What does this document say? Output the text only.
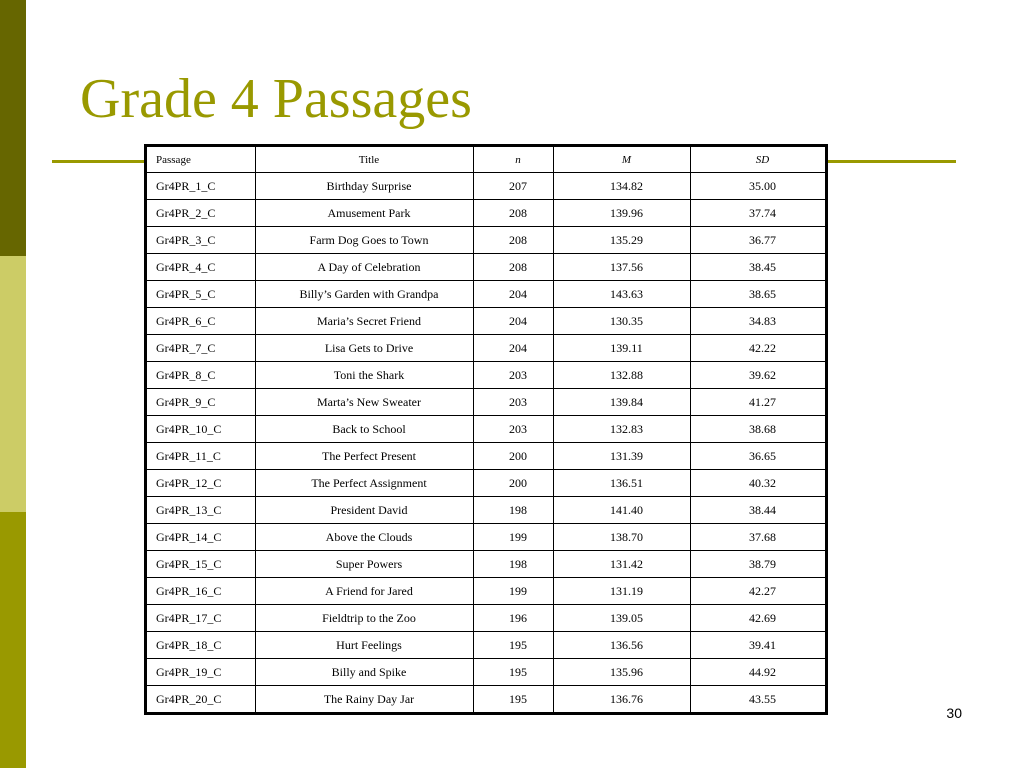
Grade 4 Passages
Passage	Title	n	M	SD
Gr4PR_1_C	Birthday Surprise	207	134.82	35.00
Gr4PR_2_C	Amusement Park	208	139.96	37.74
Gr4PR_3_C	Farm Dog Goes to Town	208	135.29	36.77
Gr4PR_4_C	A Day of Celebration	208	137.56	38.45
Gr4PR_5_C	Billy’s Garden with Grandpa	204	143.63	38.65
Gr4PR_6_C	Maria’s Secret Friend	204	130.35	34.83
Gr4PR_7_C	Lisa Gets to Drive	204	139.11	42.22
Gr4PR_8_C	Toni the Shark	203	132.88	39.62
Gr4PR_9_C	Marta’s New Sweater	203	139.84	41.27
Gr4PR_10_C	Back to School	203	132.83	38.68
Gr4PR_11_C	The Perfect Present	200	131.39	36.65
Gr4PR_12_C	The Perfect Assignment	200	136.51	40.32
Gr4PR_13_C	President David	198	141.40	38.44
Gr4PR_14_C	Above the Clouds	199	138.70	37.68
Gr4PR_15_C	Super Powers	198	131.42	38.79
Gr4PR_16_C	A Friend for Jared	199	131.19	42.27
Gr4PR_17_C	Fieldtrip to the Zoo	196	139.05	42.69
Gr4PR_18_C	Hurt Feelings	195	136.56	39.41
Gr4PR_19_C	Billy and Spike	195	135.96	44.92
Gr4PR_20_C	The Rainy Day Jar	195	136.76	43.55
30
